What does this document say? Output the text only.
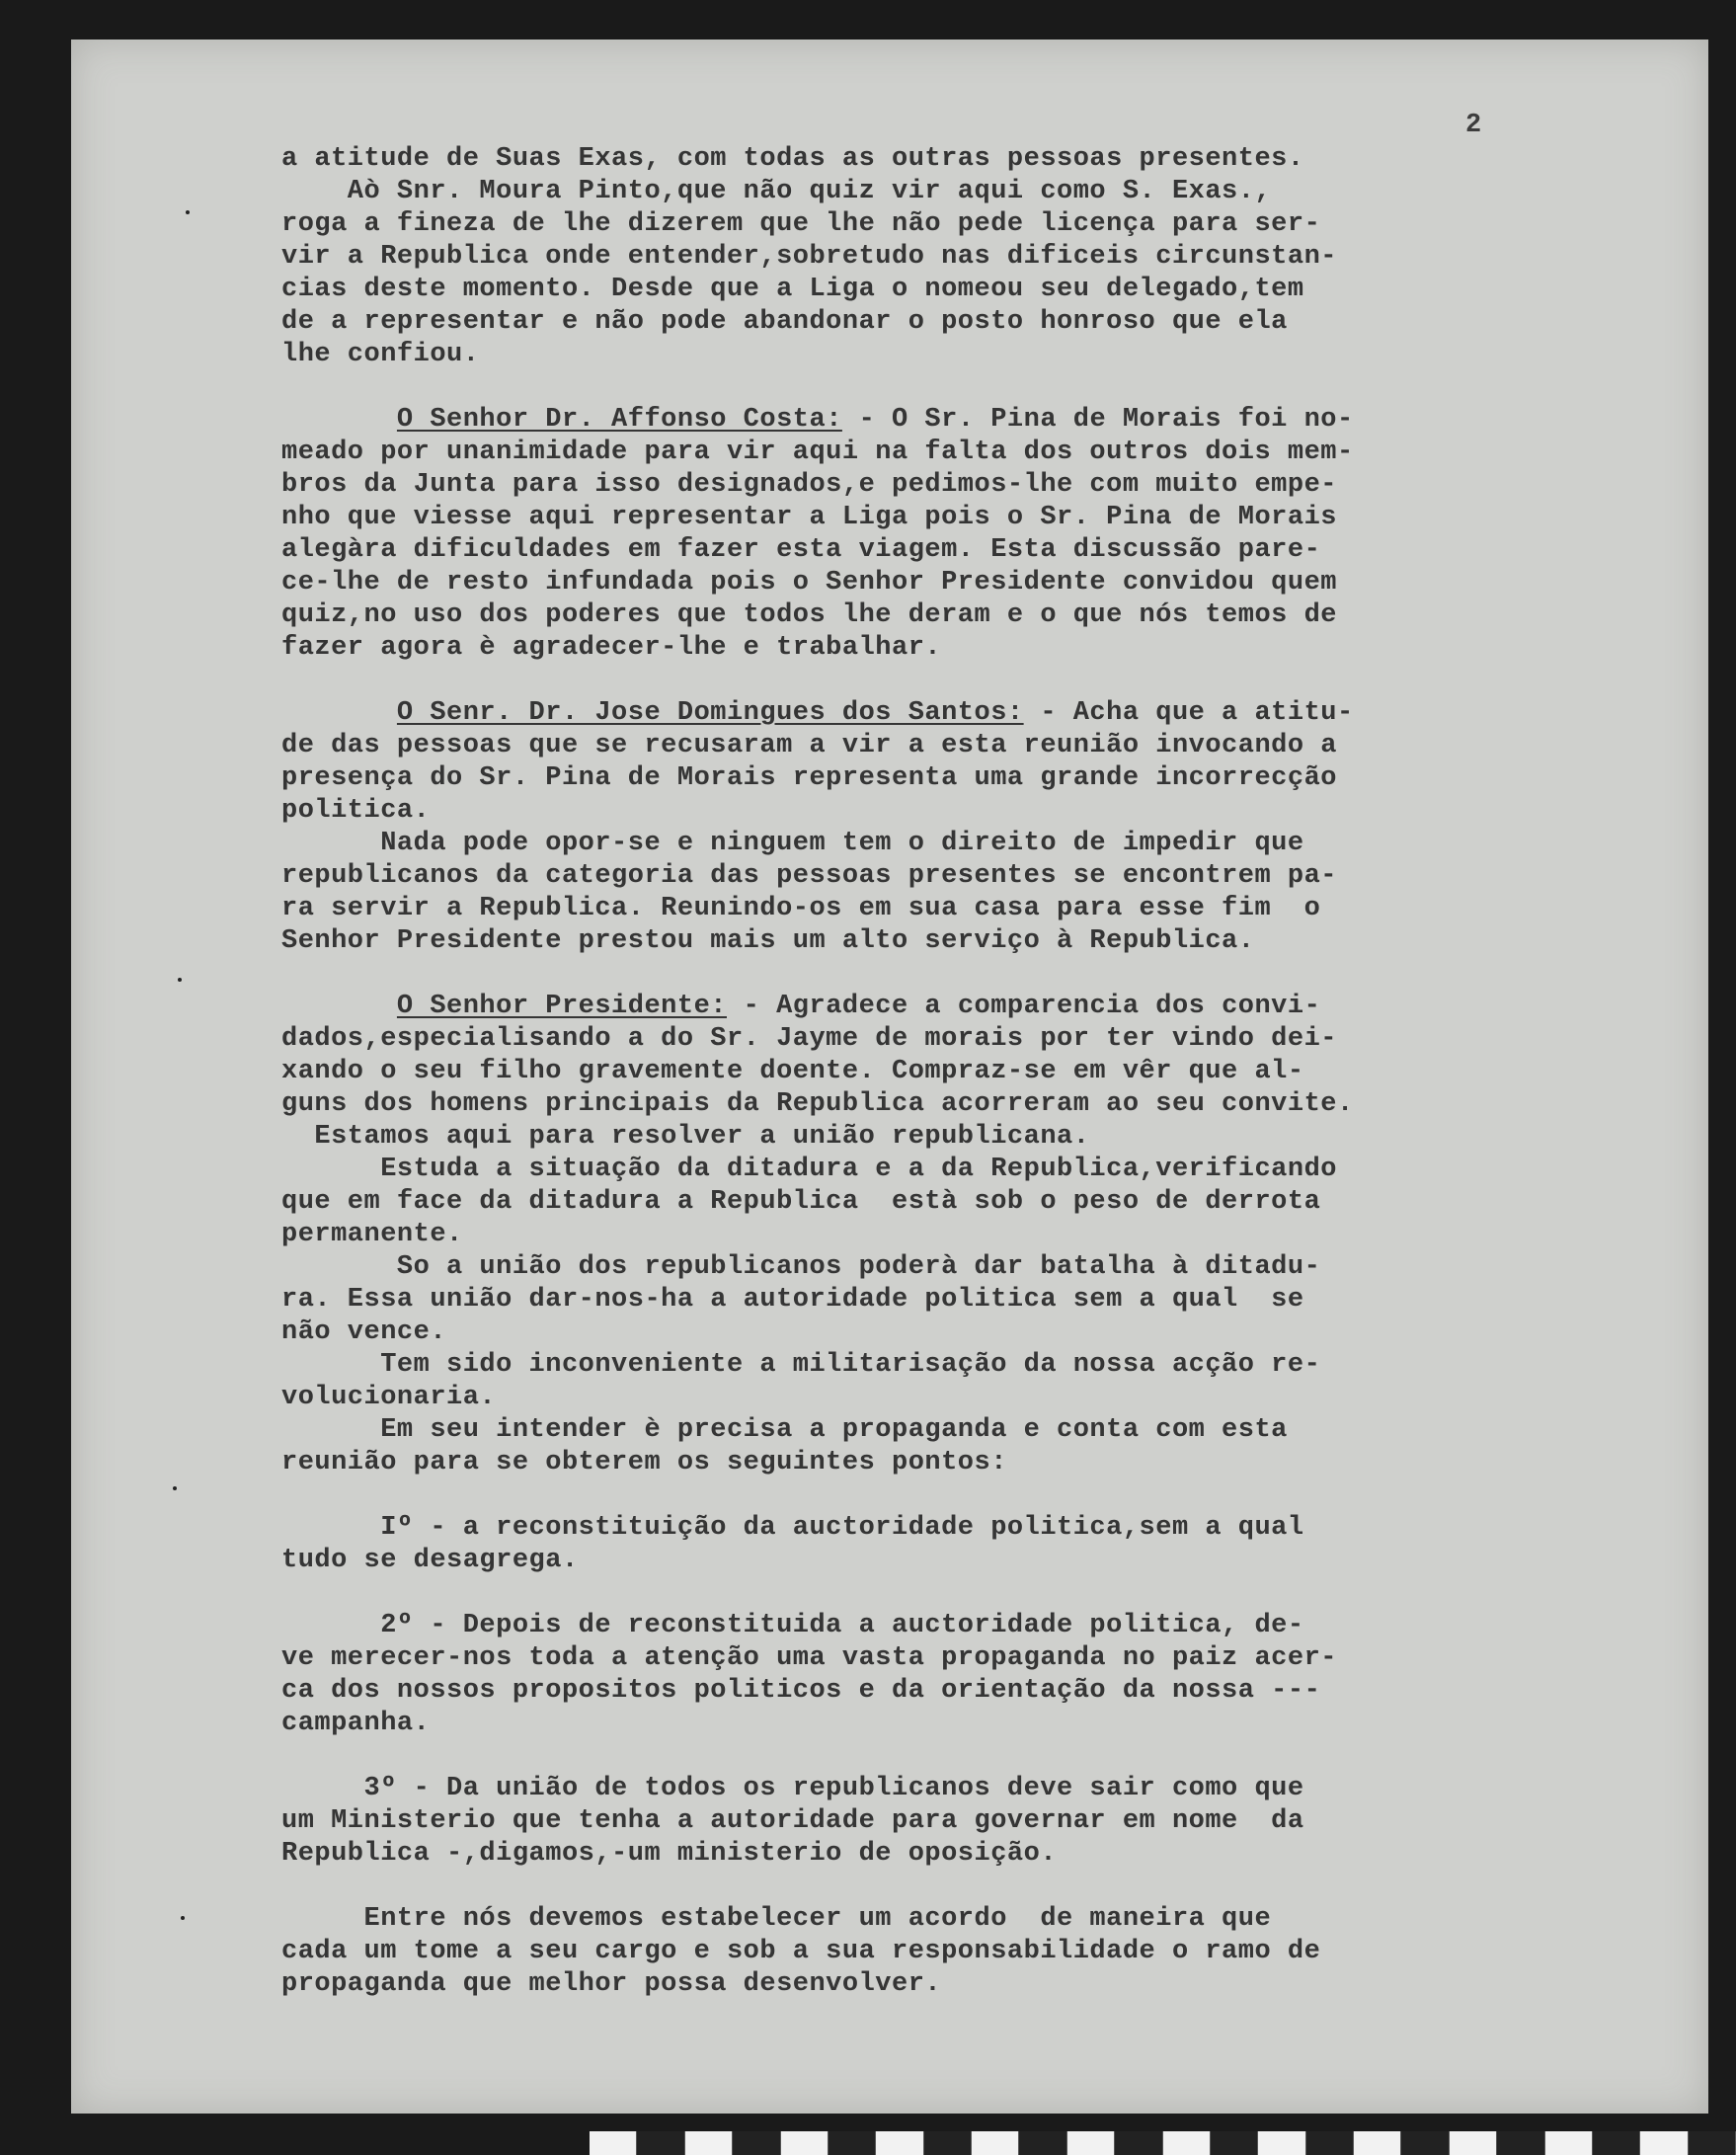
2
a atitude de Suas Exas, com todas as outras pessoas presentes.
Aò Snr. Moura Pinto,que não quiz vir aqui como S. Exas.,
roga a fineza de lhe dizerem que lhe não pede licença para ser-
vir a Republica onde entender,sobretudo nas dificeis circunstan-
cias deste momento. Desde que a Liga o nomeou seu delegado,tem
de a representar e não pode abandonar o posto honroso que ela
lhe confiou.
O Senhor Dr. Affonso Costa: - O Sr. Pina de Morais foi no-
meado por unanimidade para vir aqui na falta dos outros dois mem-
bros da Junta para isso designados,e pedimos-lhe com muito empe-
nho que viesse aqui representar a Liga pois o Sr. Pina de Morais
alegàra dificuldades em fazer esta viagem. Esta discussão pare-
ce-lhe de resto infundada pois o Senhor Presidente convidou quem
quiz,no uso dos poderes que todos lhe deram e o que nós temos de
fazer agora è agradecer-lhe e trabalhar.
O Senr. Dr. Jose Domingues dos Santos: - Acha que a atitu-
de das pessoas que se recusaram a vir a esta reunião invocando a
presença do Sr. Pina de Morais representa uma grande incorrecção
politica.
Nada pode opor-se e ninguem tem o direito de impedir que
republicanos da categoria das pessoas presentes se encontrem pa-
ra servir a Republica. Reunindo-os em sua casa para esse fim  o
Senhor Presidente prestou mais um alto serviço à Republica.
O Senhor Presidente: - Agradece a comparencia dos convi-
dados,especialisando a do Sr. Jayme de morais por ter vindo dei-
xando o seu filho gravemente doente. Compraz-se em vêr que al-
guns dos homens principais da Republica acorreram ao seu convite.
Estamos aqui para resolver a união republicana.
Estuda a situação da ditadura e a da Republica,verificando
que em face da ditadura a Republica  està sob o peso de derrota
permanente.
So a união dos republicanos poderà dar batalha à ditadu-
ra. Essa união dar-nos-ha a autoridade politica sem a qual  se
não vence.
Tem sido inconveniente a militarisação da nossa acção re-
volucionaria.
Em seu intender è precisa a propaganda e conta com esta
reunião para se obterem os seguintes pontos:
Iº - a reconstituição da auctoridade politica,sem a qual
tudo se desagrega.
2º - Depois de reconstituida a auctoridade politica, de-
ve merecer-nos toda a atenção uma vasta propaganda no paiz acer-
ca dos nossos propositos politicos e da orientação da nossa ---
campanha.
3º - Da união de todos os republicanos deve sair como que
um Ministerio que tenha a autoridade para governar em nome  da
Republica -,digamos,-um ministerio de oposição.
Entre nós devemos estabelecer um acordo  de maneira que
cada um tome a seu cargo e sob a sua responsabilidade o ramo de
propaganda que melhor possa desenvolver.
